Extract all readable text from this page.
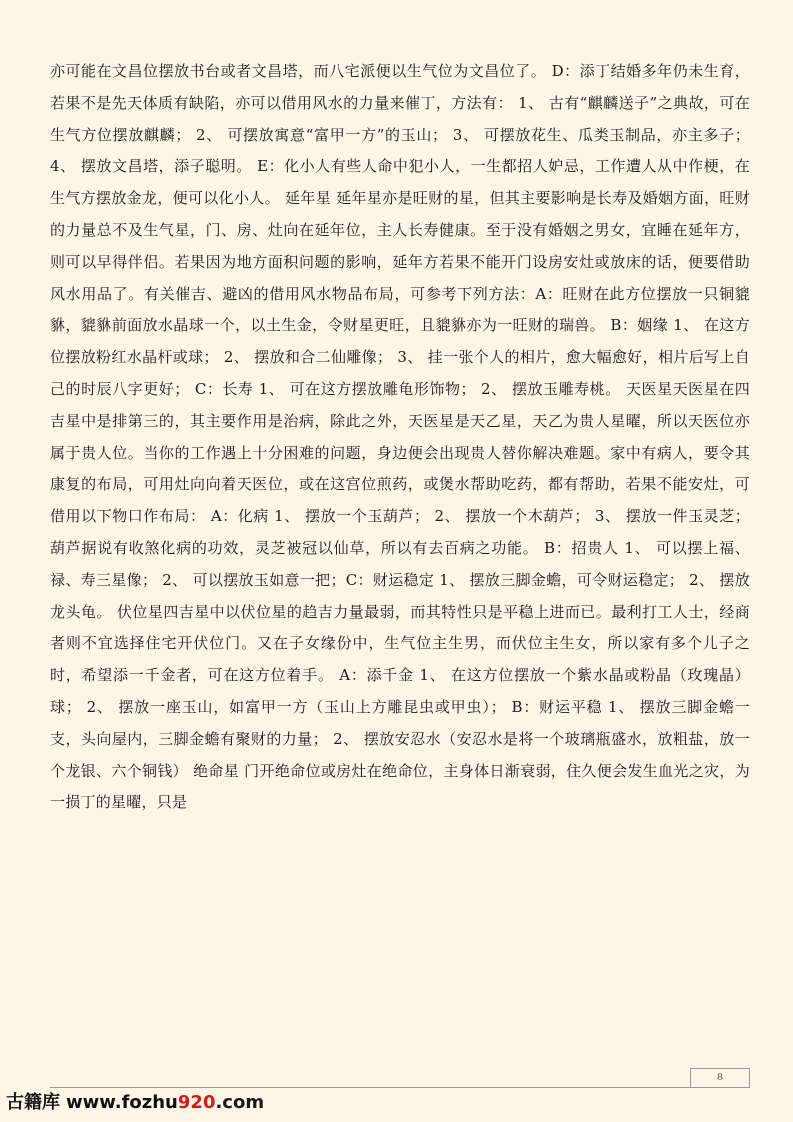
亦可能在文昌位摆放书台或者文昌塔，而八宅派便以生气位为文昌位了。 D：添丁结婚多年仍未生育，若果不是先天体质有缺陷，亦可以借用风水的力量来催丁，方法有： 1、 古有“麒麟送子”之典故，可在生气方位摆放麒麟； 2、 可摆放寓意“富甲一方”的玉山； 3、 可摆放花生、瓜类玉制品，亦主多子； 4、 摆放文昌塔，添子聪明。 E：化小人有些人命中犯小人，一生都招人妒忌，工作遭人从中作梗，在生气方摆放金龙，便可以化小人。 延年星 延年星亦是旺财的星，但其主要影响是长寿及婚姻方面，旺财的力量总不及生气星，门、房、灶向在延年位，主人长寿健康。至于没有婚姻之男女，宜睡在延年方，则可以早得伴侣。若果因为地方面积问题的影响，延年方若果不能开门设房安灶或放床的话，便要借助风水用品了。有关催吉、避凶的借用风水物品布局，可参考下列方法：A：旺财在此方位摆放一只铜貔貅，貔貅前面放水晶球一个，以土生金，令财星更旺，且貔貅亦为一旺财的瑞兽。 B：姻缘 1、 在这方位摆放粉红水晶杆或球； 2、 摆放和合二仙雕像； 3、 挂一张个人的相片，愈大幅愈好，相片后写上自己的时辰八字更好； C：长寿 1、 可在这方摆放雕龟形饰物； 2、 摆放玉雕寿桃。 天医星天医星在四吉星中是排第三的，其主要作用是治病，除此之外，天医星是天乙星，天乙为贵人星曜，所以天医位亦属于贵人位。当你的工作遇上十分困难的问题，身边便会出现贵人替你解决难题。家中有病人，要令其康复的布局，可用灶向向着天医位，或在这宫位煎药，或煲水帮助吃药，都有帮助，若果不能安灶，可借用以下物口作布局： A：化病 1、 摆放一个玉葫芦； 2、 摆放一个木葫芦； 3、 摆放一件玉灵芝；葫芦据说有收煞化病的功效，灵芝被冠以仙草，所以有去百病之功能。 B：招贵人 1、 可以摆上福、禄、寿三星像； 2、 可以摆放玉如意一把；C：财运稳定 1、 摆放三脚金蟾，可令财运稳定； 2、 摆放龙头龟。 伏位星四吉星中以伏位星的趋吉力量最弱，而其特性只是平稳上进而已。最利打工人士，经商者则不宜选择住宅开伏位门。又在子女缘份中，生气位主生男，而伏位主生女，所以家有多个儿子之时，希望添一千金者，可在这方位着手。 A：添千金 1、 在这方位摆放一个紫水晶或粉晶（玫瑰晶）球； 2、 摆放一座玉山，如富甲一方（玉山上方雕昆虫或甲虫）； B：财运平稳 1、 摆放三脚金蟾一支，头向屋内，三脚金蟾有聚财的力量； 2、 摆放安忍水（安忍水是将一个玻璃瓶盛水，放粗盐，放一个龙银、六个铜钱） 绝命星 门开绝命位或房灶在绝命位，主身体日渐衰弱，住久便会发生血光之灾，为一损丁的星曜，只是

8
古籍库 www.fozhu920.com
